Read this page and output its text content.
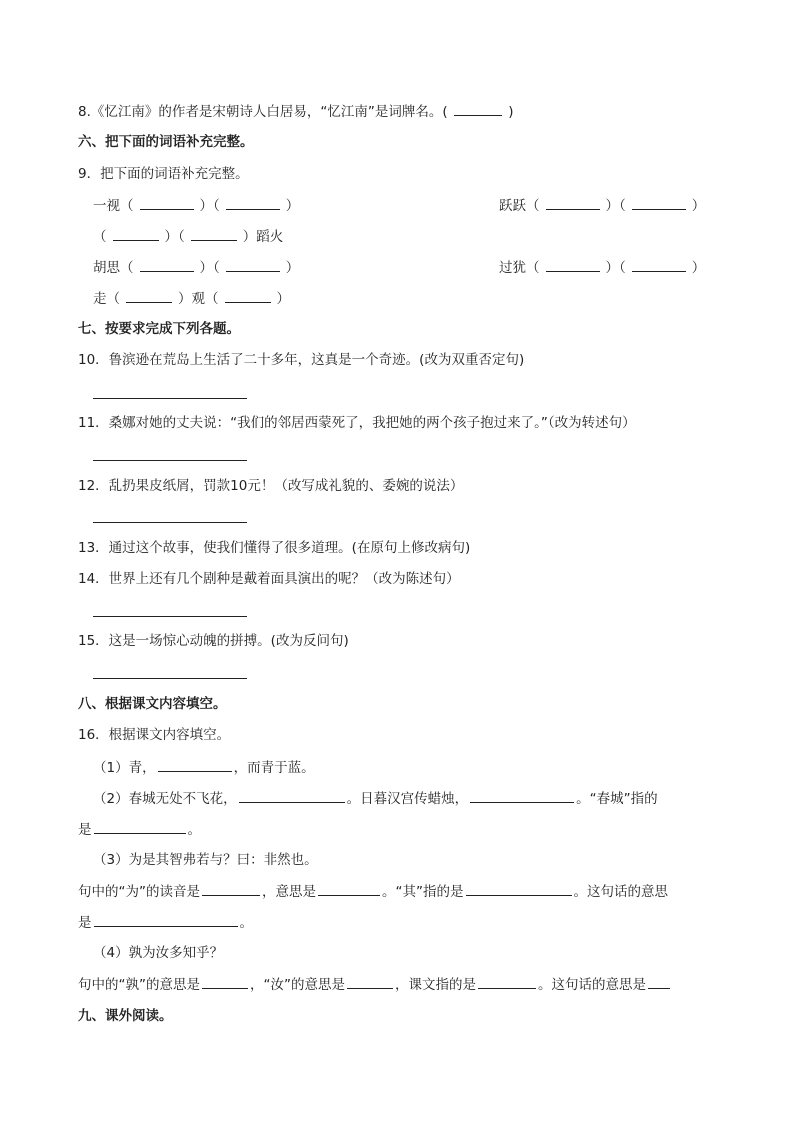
8.《忆江南》的作者是宋朝诗人白居易，“忆江南”是词牌名。(	)
六、把下面的词语补充完整。
9．把下面的词语补充完整。
一视（	）（	）	跃跃（	）（	）
（	）（	）蹈火
胡思（	）（	）	过犹（	）（	）
走（	）观（	）
七、按要求完成下列各题。
10．鲁滨逊在荒岛上生活了二十多年，这真是一个奇迹。(改为双重否定句)
11．桑娜对她的丈夫说：“我们的邻居西蒙死了，我把她的两个孩子抱过来了。”（改为转述句）
12．乱扔果皮纸屑，罚款10元！（改写成礼貌的、委婉的说法）
13．通过这个故事，使我们懂得了很多道理。(在原句上修改病句)
14．世界上还有几个剧种是戴着面具演出的呢？（改为陈述句）
15．这是一场惊心动魄的拼搏。(改为反问句)
八、根据课文内容填空。
16．根据课文内容填空。
（1）青，	，而青于蓝。
（2）春城无处不飞花，	。日暮汉宫传蜡烛，	。“春城”指的
是	。
（3）为是其智弗若与？曰：非然也。
句中的“为”的读音是	，意思是	。“其”指的是	。这句话的意思
是	。
（4）孰为汝多知乎？
句中的“孰”的意思是	，“汝”的意思是	，课文指的是	。这句话的意思是
九、课外阅读。
